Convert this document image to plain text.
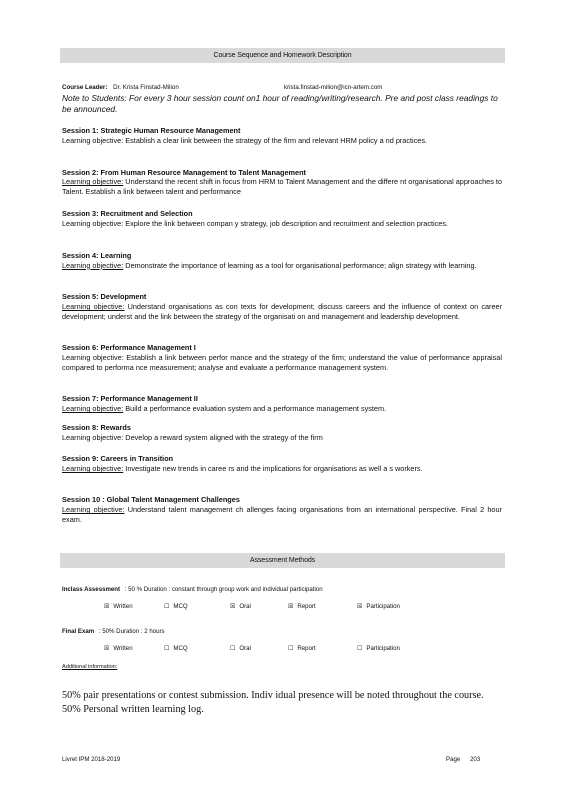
Course Sequence and Homework Description
Course Leader: Dr. Krista Finstad-Milion	krista.finstad-milion@icn-artem.com
Note to Students: For every 3 hour session count on1 hour of reading/writing/research. Pre and post class readings to be announced.
Session 1: Strategic Human Resource Management
Learning objective: Establish a clear link between the strategy of the firm and relevant HRM policy a nd practices.
Session 2: From Human Resource Management to Talent Management
Learning objective: Understand the recent shift in focus from HRM to Talent Management and the differe nt organisational approaches to Talent. Establish a link between talent and performance
Session 3: Recruitment and Selection
Learning objective: Explore the link between compan y strategy, job description and recruitment and selection practices.
Session 4: Learning
Learning objective: Demonstrate the importance of learning as a tool for organisational performance; align strategy with learning.
Session 5: Development
Learning objective: Understand organisations as con texts for development; discuss careers and the influence of context on career development; underst and the link between the strategy of the organisati on and management and leadership development.
Session 6: Performance Management I
Learning objective: Establish a link between perfor mance and the strategy of the firm; understand the value of performance appraisal compared to performa nce measurement; analyse and evaluate a performance management system.
Session 7: Performance Management II
Learning objective: Build a performance evaluation system and a performance management system.
Session 8: Rewards
Learning objective: Develop a reward system aligned with the strategy of the firm
Session 9: Careers in Transition
Learning objective: Investigate new trends in caree rs and the implications for organisations as well a s workers.
Session 10 : Global Talent Management Challenges
Learning objective: Understand talent management ch allenges facing organisations from an international perspective. Final 2 hour exam.
Assessment Methods
Inclass Assessment : 50 % Duration : constant through group work and individual participation
☒ Written	☐ MCQ	☒ Oral	☒ Report	☒ Participation
Final Exam : 50% Duration : 2 hours
☒ Written	☐ MCQ	☐ Oral	☐ Report	☐ Participation
Additional information:
50% pair presentations or contest submission. Indiv idual presence will be noted throughout the course.
50% Personal written learning log.
Livret IPM 2018-2019	Page 203
